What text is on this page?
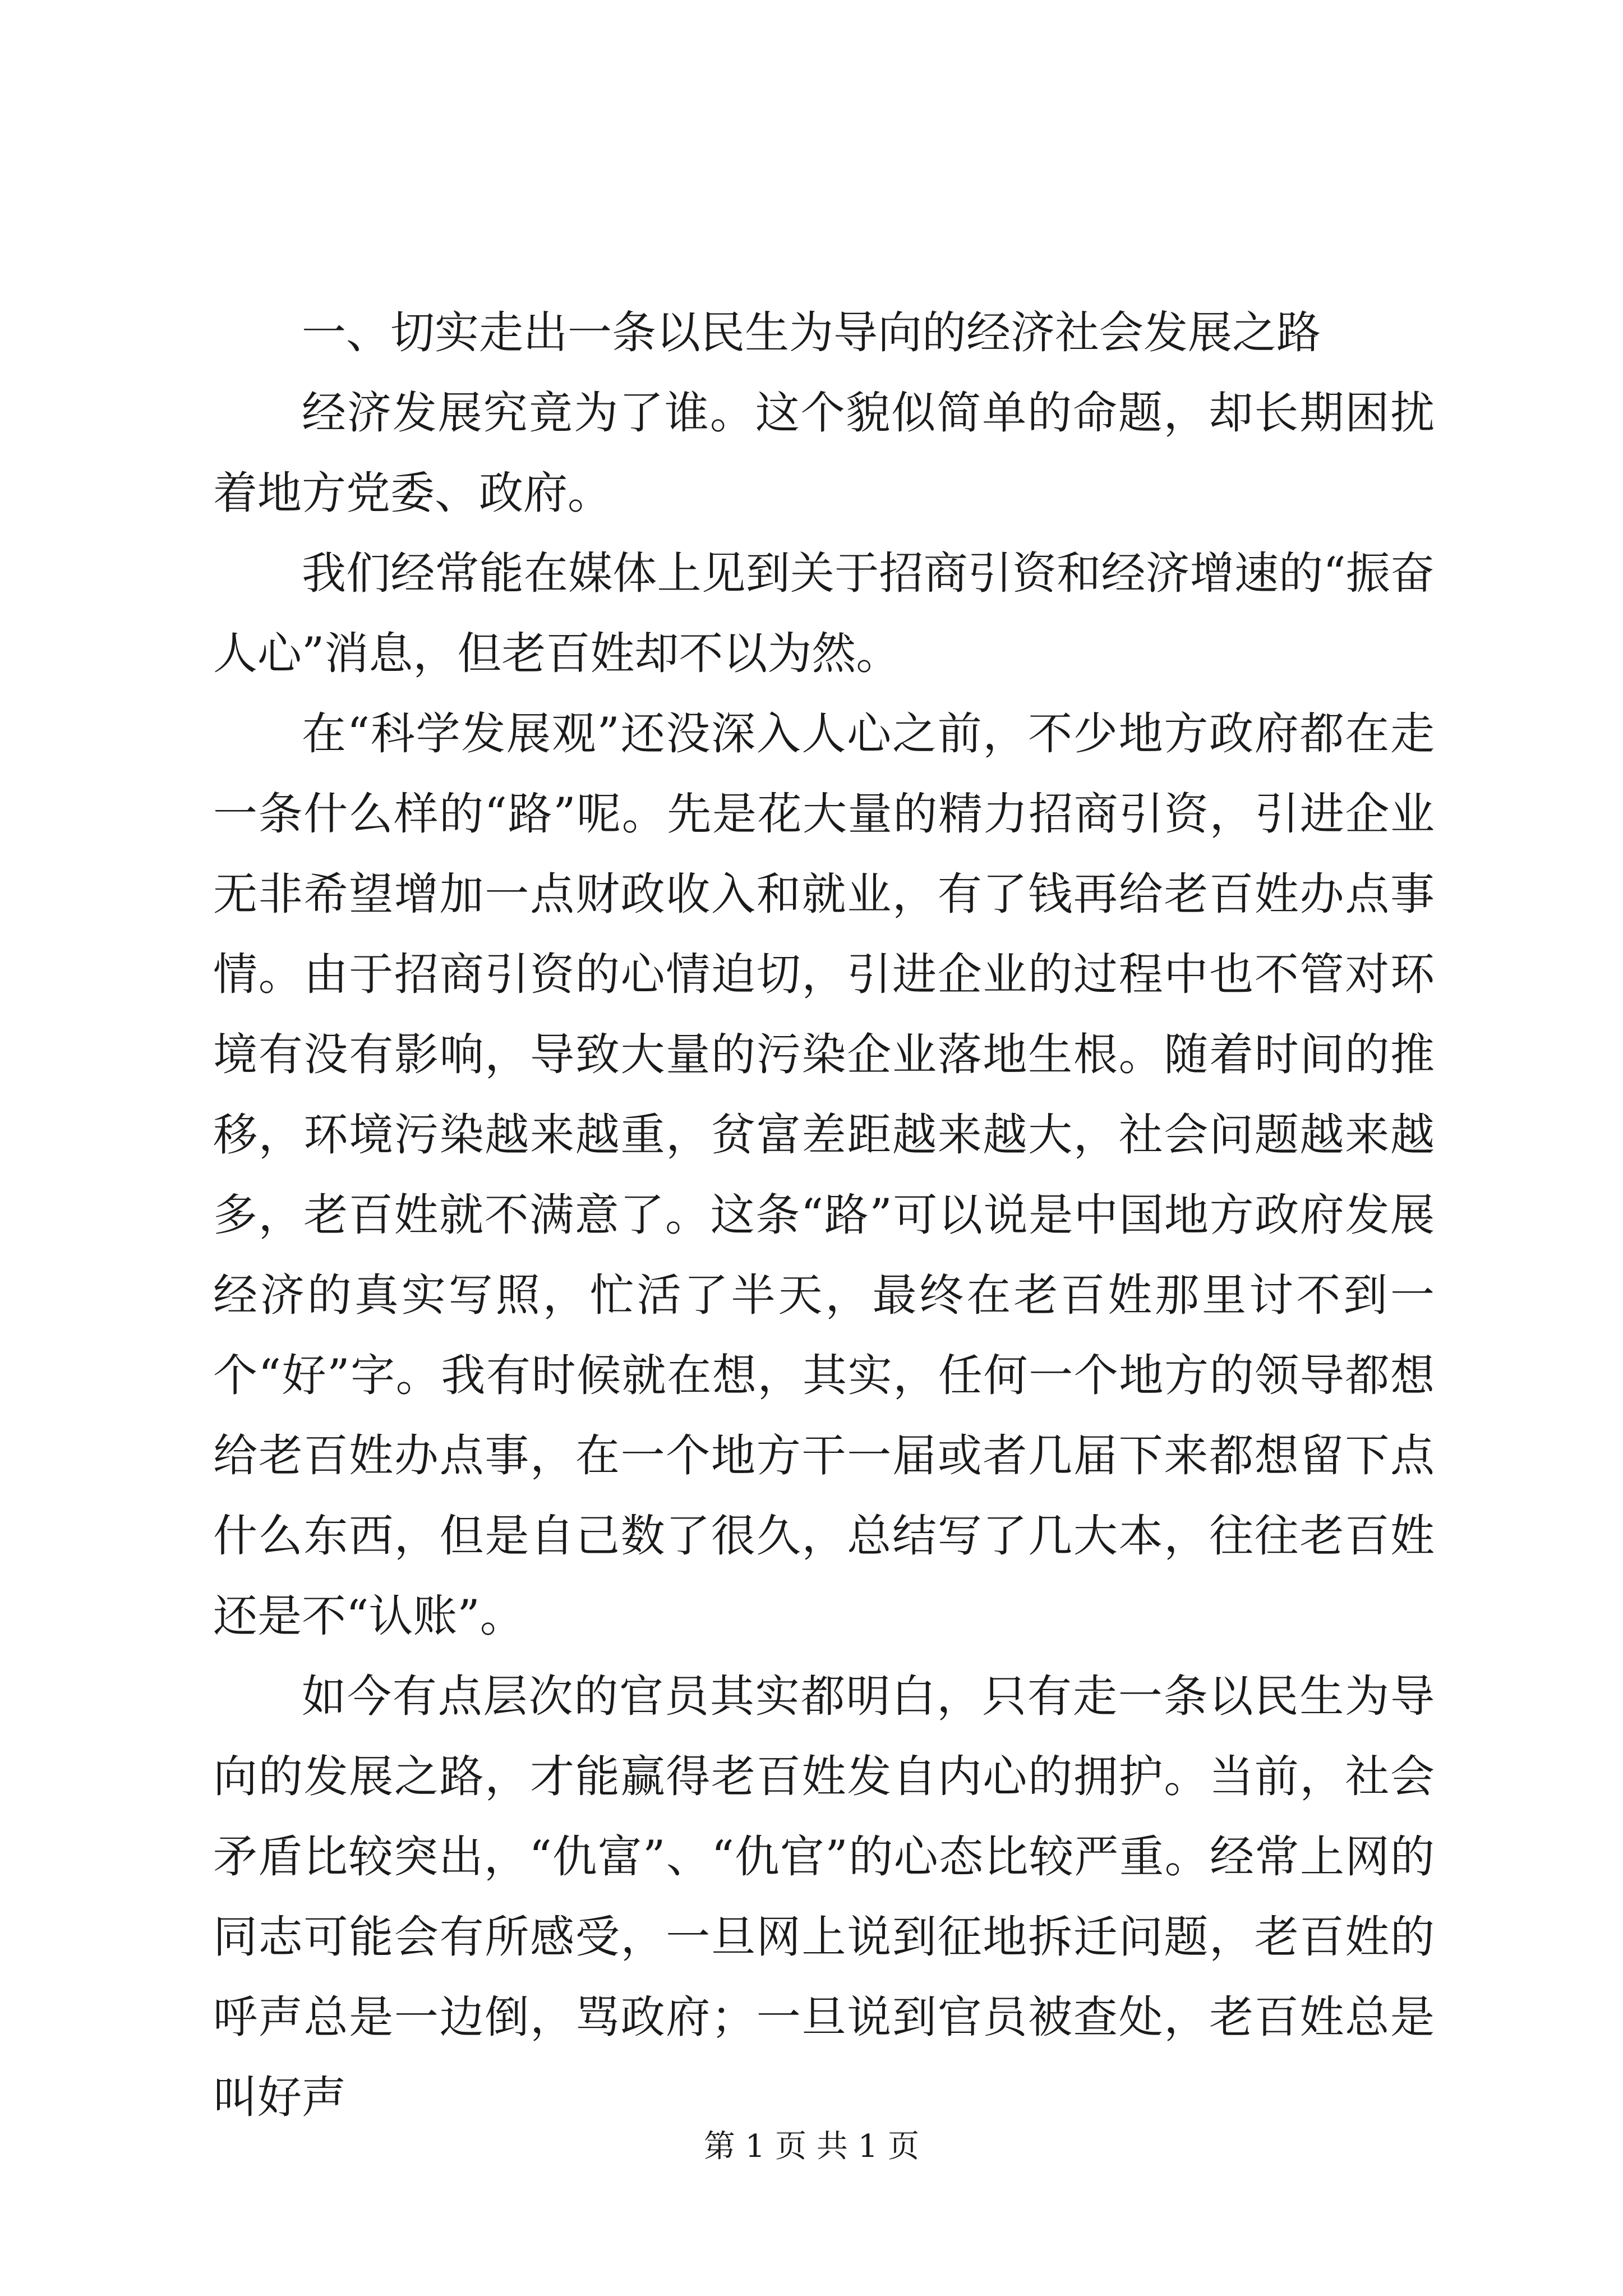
一、切实走出一条以民生为导向的经济社会发展之路

经济发展究竟为了谁。这个貌似简单的命题，却长期困扰着地方党委、政府。

我们经常能在媒体上见到关于招商引资和经济增速的“振奋人心”消息，但老百姓却不以为然。

在“科学发展观”还没深入人心之前，不少地方政府都在走一条什么样的“路”呢。先是花大量的精力招商引资，引进企业无非希望增加一点财政收入和就业，有了钱再给老百姓办点事情。由于招商引资的心情迫切，引进企业的过程中也不管对环境有没有影响，导致大量的污染企业落地生根。随着时间的推移，环境污染越来越重，贫富差距越来越大，社会问题越来越多，老百姓就不满意了。这条“路”可以说是中国地方政府发展经济的真实写照，忙活了半天，最终在老百姓那里讨不到一个“好”字。我有时候就在想，其实，任何一个地方的领导都想给老百姓办点事，在一个地方干一届或者几届下来都想留下点什么东西，但是自己数了很久，总结写了几大本，往往老百姓还是不“认账”。

如今有点层次的官员其实都明白，只有走一条以民生为导向的发展之路，才能赢得老百姓发自内心的拥护。当前，社会矛盾比较突出，“仇富”、“仇官”的心态比较严重。经常上网的同志可能会有所感受，一旦网上说到征地拆迁问题，老百姓的呼声总是一边倒，骂政府；一旦说到官员被查处，老百姓总是叫好声

第 1 页 共 1 页
